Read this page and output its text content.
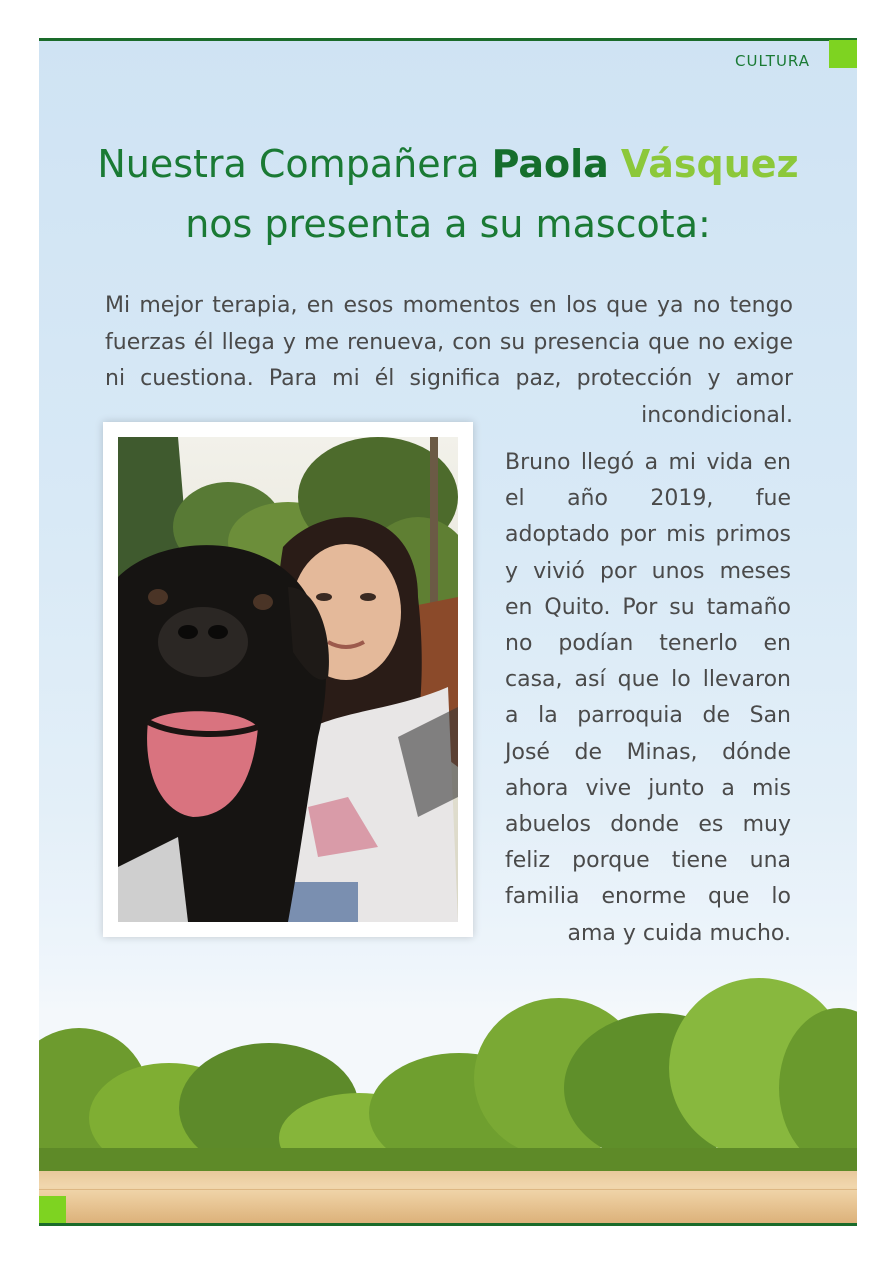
CULTURA
Nuestra Compañera Paola Vásquez
nos presenta a su mascota:

Mi mejor terapia, en esos momentos en los que ya no tengo fuerzas él llega y me renueva, con su presencia que no exige ni cuestiona. Para mi él significa paz, protección y amor incondicional.

Bruno llegó a mi vida en el año 2019, fue adoptado por mis primos y vivió por unos meses en Quito. Por su tamaño no podían tenerlo en casa, así que lo llevaron a la parroquia de San José de Minas, dónde ahora vive junto a mis abuelos donde es muy feliz porque tiene una familia enorme que lo ama y cuida mucho.
